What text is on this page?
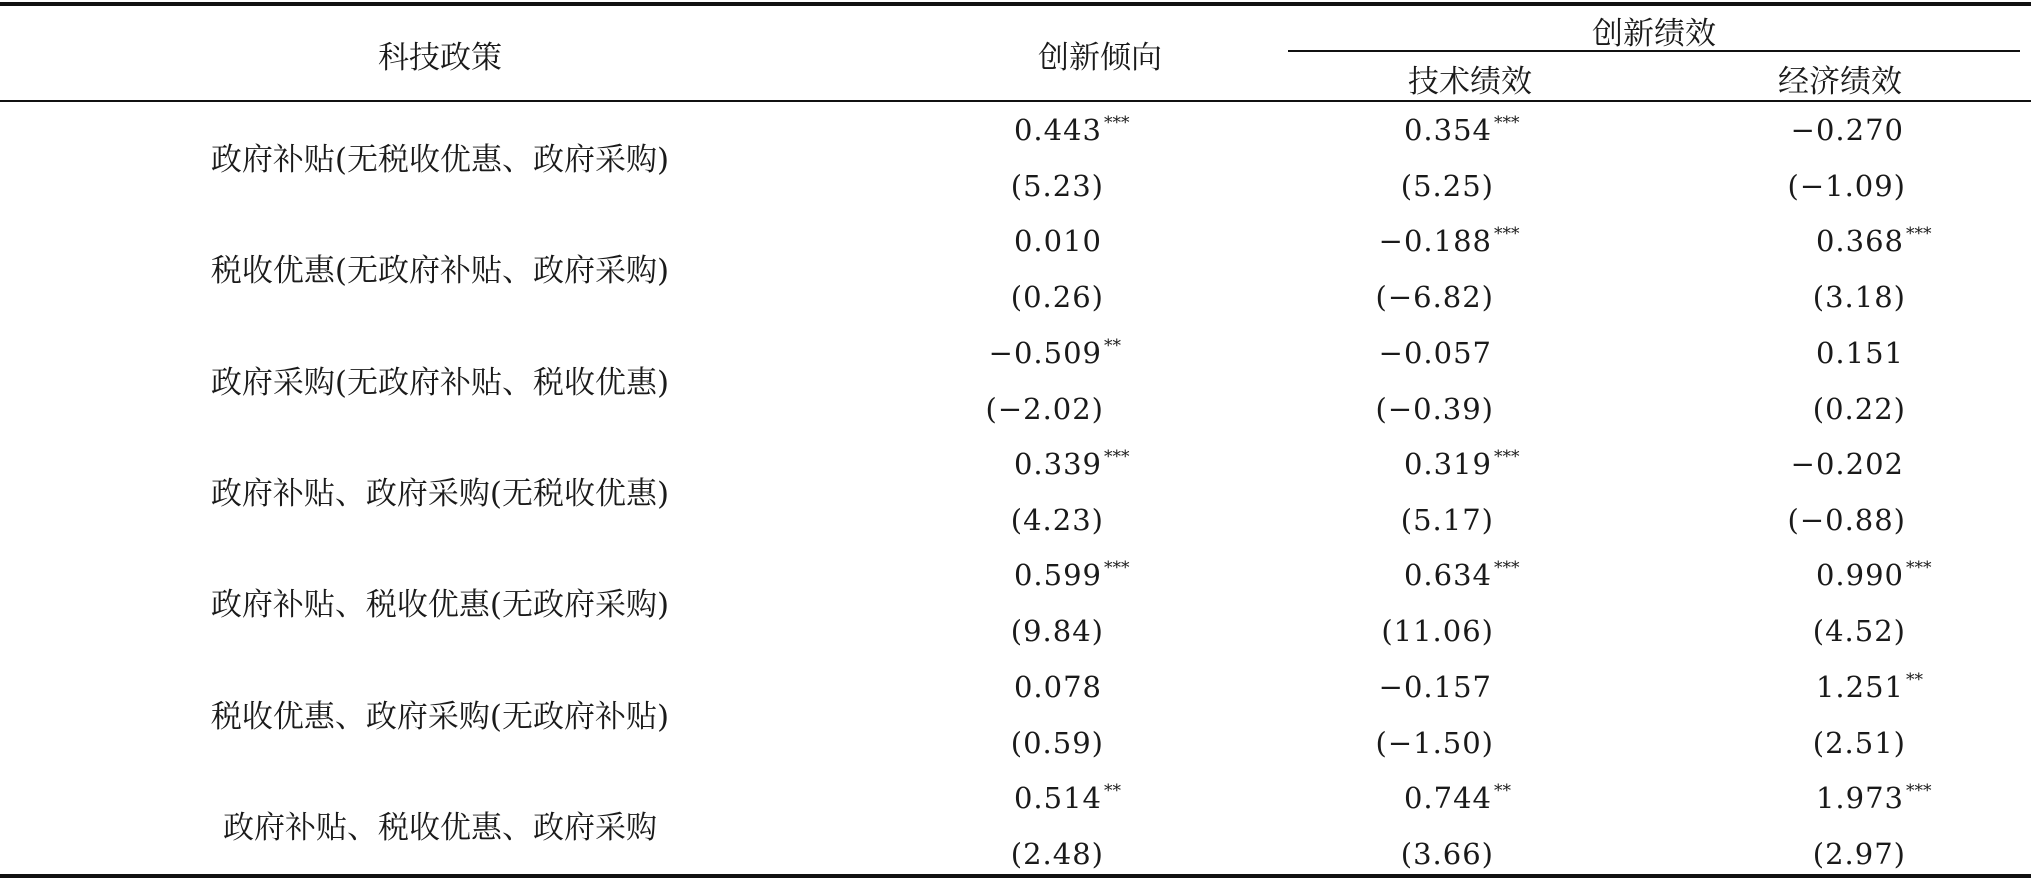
科技政策	创新倾向
创新绩效
技术绩效	经济绩效
政府补贴(无税收优惠、政府采购)
0.443 ***
(5.23)
0.354 ***
(5.25)
−0.270
(−1.09)
税收优惠(无政府补贴、政府采购)
0.010
(0.26)
−0.188 ***
(−6.82)
0.368 ***
(3.18)
政府采购(无政府补贴、税收优惠)
−0.509 **
(−2.02)
−0.057
(−0.39)
0.151
(0.22)
政府补贴、政府采购(无税收优惠)
0.339 ***
(4.23)
0.319 ***
(5.17)
−0.202
(−0.88)
政府补贴、税收优惠(无政府采购)
0.599 ***
(9.84)
0.634 ***
(11.06)
0.990 ***
(4.52)
税收优惠、政府采购(无政府补贴)
0.078
(0.59)
−0.157
(−1.50)
1.251 **
(2.51)
政府补贴、税收优惠、政府采购
0.514 **
(2.48)
0.744 **
(3.66)
1.973 ***
(2.97)
